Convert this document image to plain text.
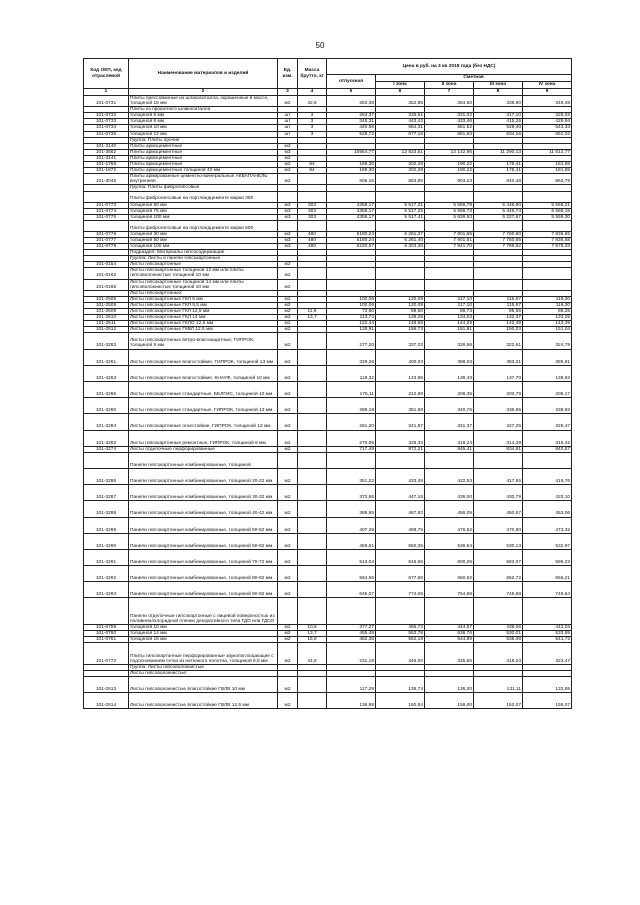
50
Код ОКП, код отраслевой	Наименование материалов и изделий	Ед. изм.	Масса брутто, кг	Цена в руб. на 3 кв 2018 года (без НДС)				
				отпускная	Сметная			
					I зона	II зона	III зона	IV зона
1	2	3	4	5	6	7	8	9
101-0731	Плиты прессованные из шлакоситалла, окрашенные в массе, толщиной 15 мм	м2	42,6	283,38	352,95	354,60	338,90	349,48
	Плиты из прокатного шлакоситалла							
101-0732	толщиной 6 мм	шт	3	264,37	336,61	331,02	317,10	326,02
101-0733	толщиной 8 мм	шт	3	345,31	443,43	433,46	415,26	426,94
101-0734	толщиной 10 мм	шт	3	440,56	564,31	551,52	528,40	543,33
101-0735	толщиной 12 мм	шт	3	528,72	677,16	661,93	634,16	652,02
	Группа: Плиты прочие							
101-3140	Плиты армоцементные	м3						
101-3662	Плиты армоцементные	м3		10864,77	12 823,51	12 142,96	11 290,13	11 612,77
101-3141	Плиты армоцементные	м2						
101-1769	Плиты армоцементные	м2	84	169,30	202,28	190,22	176,41	181,65
101-1872	Плиты армоцементные толщиной 40 мм	м2	84	169,30	202,28	190,22	176,41	181,65
101-3046	Плиты армированные цементно-минеральные АКВАПАНЕЛЬ внутренняя	м2		808,15	863,85	903,23	840,48	863,79
	Группа: Плиты фиброгипсовые							
	Плиты фиброгипсовые на портландцементе марки 300							
101-0773	толщиной 50 мм	м3	303	4358,17	5 517,31	5 666,78	5 446,80	5 568,21
101-0774	толщиной 75 мм	м3	303	4358,17	5 517,25	5 666,73	5 446,74	5 568,15
101-0775	толщиной 100 мм	м3	303	4358,17	5 517,41	5 639,53	5 227,67	5 559,30
	Плиты фиброгипсовые на портландцементе марки 500							
101-0776	толщиной 30 мм	м3	480	5180,24	6 261,37	7 901,65	7 760,60	7 836,65
101-0777	толщиной 50 мм	м3	480	5180,24	6 261,40	7 901,61	7 760,65	7 836,58
101-0778	толщиной 100 мм	м3	480	6220,57	6 303,30	7 941,70	7 799,92	7 876,33
	Подраздел: Материалы гипсосодержащие							
	Группа: Листы и панели гипсокартонные							
101-0154	Листы гипсокартонные	м2						
101-0162	Листы гипсокартонные толщиной 12 мм или плиты гипсоволокнистые толщиной 10 мм	м2						
101-0165	Листы гипсокартонные толщиной 14 мм или плиты гипсоволокнистые толщиной 10 мм	м2						
	Листы гипсокартонные:							
101-2505	Листы гипсокартонные ГКЛ 6 мм	м2		100,06	120,09	117,10	115,67	116,30
101-2508	Листы гипсокартонные ГКЛ 9,5 мм	м2		100,06	120,09	117,10	115,67	116,30
101-2509	Листы гипсокартонные ГКЛ 12,5 мм	м2	11,6	73,60	89,50	86,73	85,55	86,25
101-2510	Листы гипсокартонные ГКЛ 14 мм	м2	13,7	113,74	138,28	134,03	132,37	133,25
101-2511	Листы гипсокартонные ГКЛО 12,5 мм	м2		122,44	148,66	144,29	142,49	143,49
101-2512	Листы гипсокартонные ГКВЛ 12,5 мм	м2		128,91	156,73	151,91	150,03	151,04
101-3283	Листы гипсокартонные ветро-влагозащитные, ГИПРОК, толщиной 9 мм	м2		277,20	337,02	326,66	322,61	324,79
101-3261	Листы гипсокартонные влагостойкие, ГИПРОК, толщиной 13 мм	м2		329,26	400,33	388,03	383,21	385,81
101-4263	Листы гипсокартонные влагостойкие, КНАУФ, толщиной 10 мм	м2		118,32	143,85	139,43	137,70	138,63
101-3285	Листы гипсокартонные стандартные, БЕЛГИС, толщиной 10 мм	м2		175,11	212,89	206,35	203,79	205,17
101-3280	Листы гипсокартонные стандартные, ГИПРОК, толщиной 13 мм	м2		289,18	351,58	340,76	336,55	338,83
101-3284	Листы гипсокартонные огнестойкие, ГИПРОК, толщиной 13 мм	м2		281,20	341,87	331,37	327,25	329,47
101-3282	Листы гипсокартонные ремонтные, ГИПРОК, толщиной 6 мм	м2		270,06	328,33	318,24	314,29	316,42
101-3274	Листы отделочные перфорированные	м2		717,49	872,21	845,41	834,91	840,57
	Панели гипсокартонные комбинированные, толщиной							
101-3286	Панели гипсокартонные комбинированные, толщиной 20-22 мм	м2		351,22	433,48	422,53	417,55	419,76
101-3287	Панели гипсокартонные комбинированные, толщиной 30-32 мм	м2		372,66	447,18	436,00	430,79	433,10
101-3288	Панели гипсокартонные комбинированные, толщиной 40-42 мм	м2		389,85	467,82	456,09	450,67	453,06
101-3289	Панели гипсокартонные комбинированные, толщиной 50-52 мм	м2		407,29	488,75	476,52	470,80	473,32
101-3290	Панели гипсокартонные комбинированные, толщиной 60-62 мм	м2		458,61	550,35	536,54	530,13	532,97
101-3291	Панели гипсокартонные комбинированные, толщиной 70-72 мм	м2		513,04	615,65	600,26	593,07	596,23
101-3292	Панели гипсокартонные комбинированные, толщиной 80-82 мм	м2		564,66	677,60	660,62	652,72	656,21
101-3293	Панели гипсокартонные комбинированные, толщиной 90-92 мм	м2		645,07	774,06	754,69	745,68	749,64
	Панели отделочные гипсокартонные с лицевой поверхностью из поливинилхлоридной пленки декоративного типа ГДО или ГДСО							
101-0759	толщиной 10 мм	м2	10,5	377,27	455,72	444,57	439,06	442,03
101-0760	толщиной 14 мм	м2	13,7	455,48	553,78	536,76	530,01	533,65
101-0761	толщиной 16 мм	м2	15,8	462,38	562,19	544,89	538,08	541,72
101-0772	Плиты гипсокартонные перфорированные звукопоглощающие с подоснованием сетки из нетканого полотна, толщиной 8,5 мм	м2	44,6	231,19	346,00	325,65	318,24	322,47
	Группа: Листы гипсоволокнистые							
	Листы гипсоволокнистые:							
101-2513	Листы гипсоволокнистые влагостойкие ГВЛВ 10 мм	м2		117,29	138,74	136,20	131,11	133,65
101-2514	Листы гипсоволокнистые влагостойкие ГВЛВ 12,5 мм	м2		136,98	160,84	158,00	152,07	155,07
